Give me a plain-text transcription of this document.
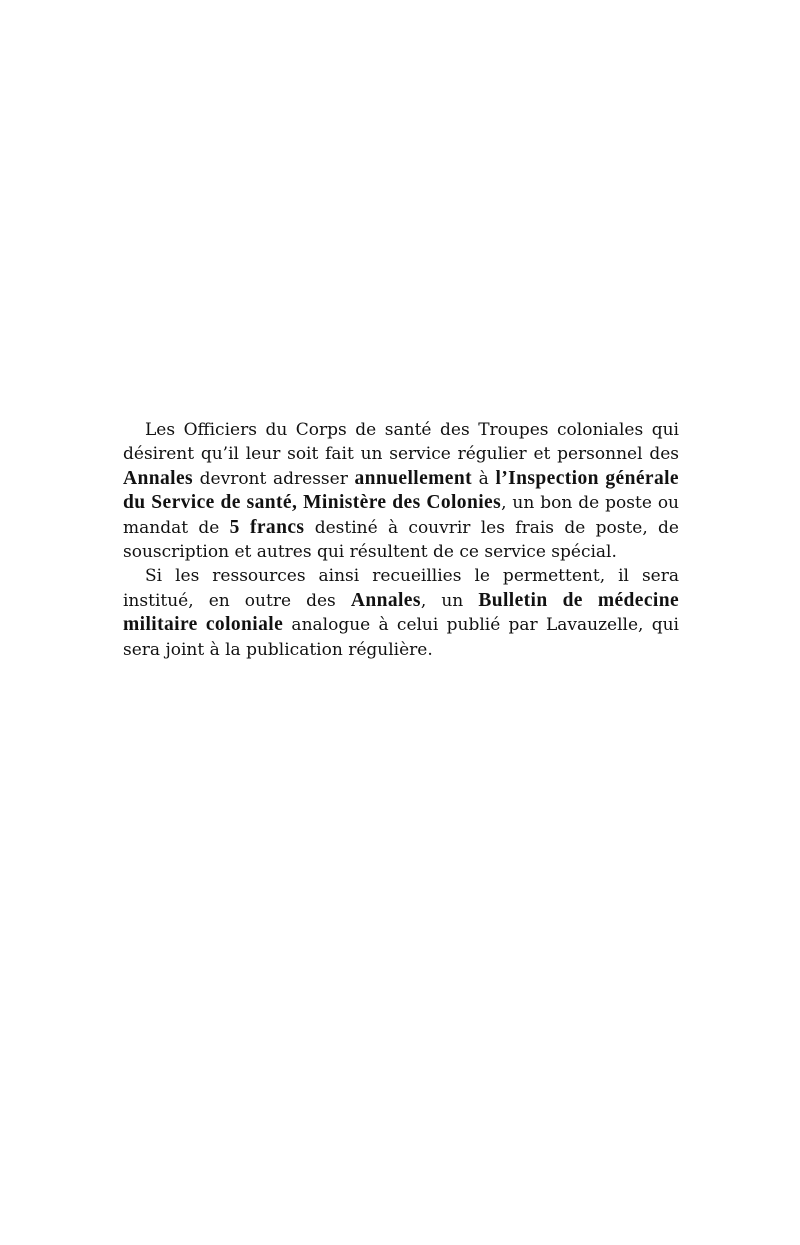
Les Officiers du Corps de santé des Troupes coloniales qui désirent qu’il leur soit fait un service régulier et personnel des Annales devront adresser annuellement à l’Inspection générale du Service de santé, Ministère des Colonies, un bon de poste ou mandat de 5 francs destiné à couvrir les frais de poste, de souscription et autres qui résultent de ce service spécial.

Si les ressources ainsi recueillies le permettent, il sera institué, en outre des Annales, un Bulletin de médecine militaire coloniale analogue à celui publié par Lavauzelle, qui sera joint à la publication régulière.
